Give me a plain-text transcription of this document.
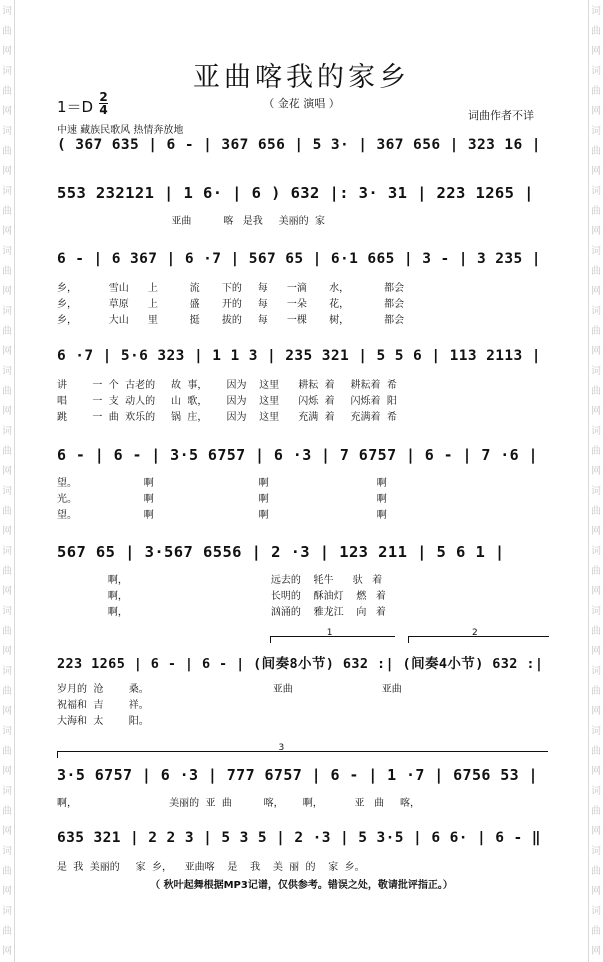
词
曲
网
词
曲
网
词
曲
网
词
曲
网
词
曲
网
词
曲
网
词
曲
网
词
曲
网
词
曲
网
词
曲
网
词
曲
网
词
曲
网
词
曲
网
词
曲
网
词
曲
网
词
曲
网
词
曲
网
词
曲
网
词
曲
网
词
曲
网
词
曲
网
词
曲
网
词
曲
网
词
曲
网
词
曲
网
词
曲
网
词
曲
网
词
曲
网
词
曲
网
词
曲
网
词
曲
网
词
曲
网
亚曲喀我的家乡
（ 金花 演唱 ）
词曲作者不详
1＝D
2
4
中速 藏族民歌风 热情奔放地
( 367 635 | 6 - | 367 656 | 5 3· | 367 656 | 323 16 |
553 232121 | 1 6· | 6 ) 632 |: 3· 31 | 223 1265 |
亚曲          喀   是我     美丽的  家
6 - | 6 367 | 6 ·7 | 567 65 | 6·1 665 | 3 - | 3 235 |
乡，          雪山      上          流       下的     每      一滴       水，           都会
乡，          草原      上          盛       开的     每      一朵       花，           都会
乡，          大山      里          挺       拔的     每      一棵       树，           都会
6 ·7 | 5·6 323 | 1 1 3 | 235 321 | 5 5 6 | 113 2113 |
讲        一  个  古老的     故  事，      因为    这里      耕耘  着     耕耘着  希
唱        一  支  动人的     山  歌，      因为    这里      闪烁  着     闪烁着  阳
跳        一  曲  欢乐的     锅  庄，      因为    这里      充满  着     充满着  希
6 - | 6 - | 3·5 6757 | 6 ·3 | 7 6757 | 6 - | 7 ·6 |
望。                     啊                                 啊                                  啊
光。                     啊                                 啊                                  啊
望。                     啊                                 啊                                  啊
567 65 | 3·567 6556 | 2 ·3 | 123 211 | 5 6 1 |
啊，                                             远去的    牦牛      驮   着
啊，                                             长明的    酥油灯    燃   着
啊，                                             汹涌的    雅龙江    向   着
223 1265 | 6 - | 6 - | (间奏8小节) 632 :| (间奏4小节) 632 :|
岁月的  沧        桑。                                       亚曲                            亚曲
祝福和  吉        祥。
大海和  太        阳。
3·5 6757 | 6 ·3 | 777 6757 | 6 - | 1 ·7 | 6756 53 |
啊，                             美丽的  亚  曲          喀，      啊，          亚   曲     喀，
635 321 | 2 2 3 | 5 3 5 | 2 ·3 | 5 3·5 | 6 6· | 6 - ‖
是  我  美丽的     家  乡，    亚曲喀    是    我    美  丽  的    家  乡。
1	2
3
（ 秋叶起舞根据MP3记谱，仅供参考。错误之处，敬请批评指正。）
